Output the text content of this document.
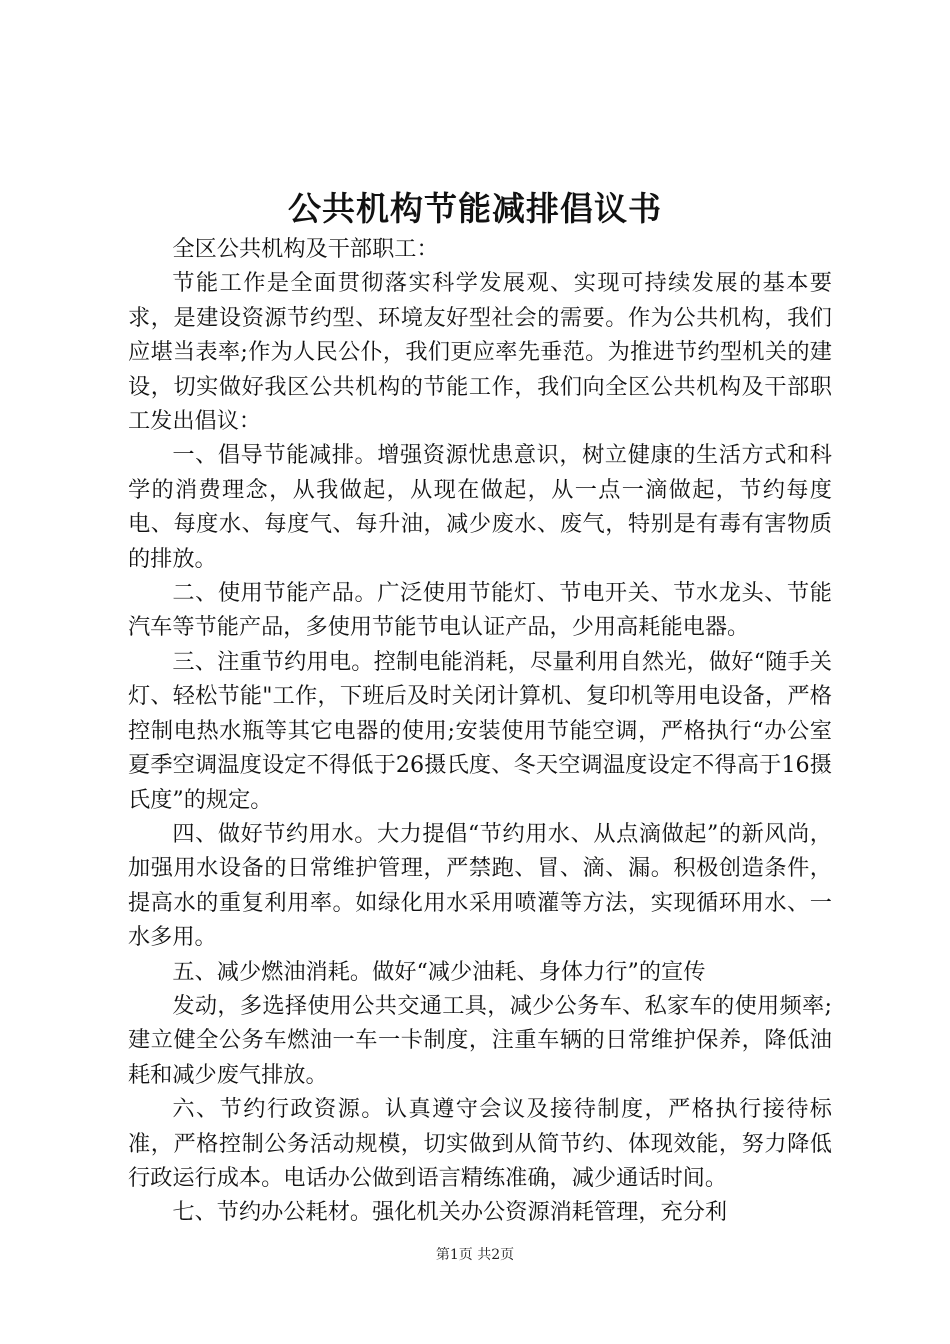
公共机构节能减排倡议书

全区公共机构及干部职工：

节能工作是全面贯彻落实科学发展观、实现可持续发展的基本要求，是建设资源节约型、环境友好型社会的需要。作为公共机构，我们应堪当表率;作为人民公仆，我们更应率先垂范。为推进节约型机关的建设，切实做好我区公共机构的节能工作，我们向全区公共机构及干部职工发出倡议：

一、倡导节能减排。增强资源忧患意识，树立健康的生活方式和科学的消费理念，从我做起，从现在做起，从一点一滴做起，节约每度电、每度水、每度气、每升油，减少废水、废气，特别是有毒有害物质的排放。

二、使用节能产品。广泛使用节能灯、节电开关、节水龙头、节能汽车等节能产品，多使用节能节电认证产品，少用高耗能电器。

三、注重节约用电。控制电能消耗，尽量利用自然光，做好“随手关灯、轻松节能"工作，下班后及时关闭计算机、复印机等用电设备，严格控制电热水瓶等其它电器的使用;安装使用节能空调，严格执行“办公室夏季空调温度设定不得低于26摄氏度、冬天空调温度设定不得高于16摄氏度”的规定。

四、做好节约用水。大力提倡“节约用水、从点滴做起”的新风尚，加强用水设备的日常维护管理，严禁跑、冒、滴、漏。积极创造条件，提高水的重复利用率。如绿化用水采用喷灌等方法，实现循环用水、一水多用。

五、减少燃油消耗。做好“减少油耗、身体力行”的宣传

发动，多选择使用公共交通工具，减少公务车、私家车的使用频率;建立健全公务车燃油一车一卡制度，注重车辆的日常维护保养，降低油耗和减少废气排放。

六、节约行政资源。认真遵守会议及接待制度，严格执行接待标准，严格控制公务活动规模，切实做到从简节约、体现效能，努力降低行政运行成本。电话办公做到语言精练准确，减少通话时间。

七、节约办公耗材。强化机关办公资源消耗管理，充分利

第1页 共2页
